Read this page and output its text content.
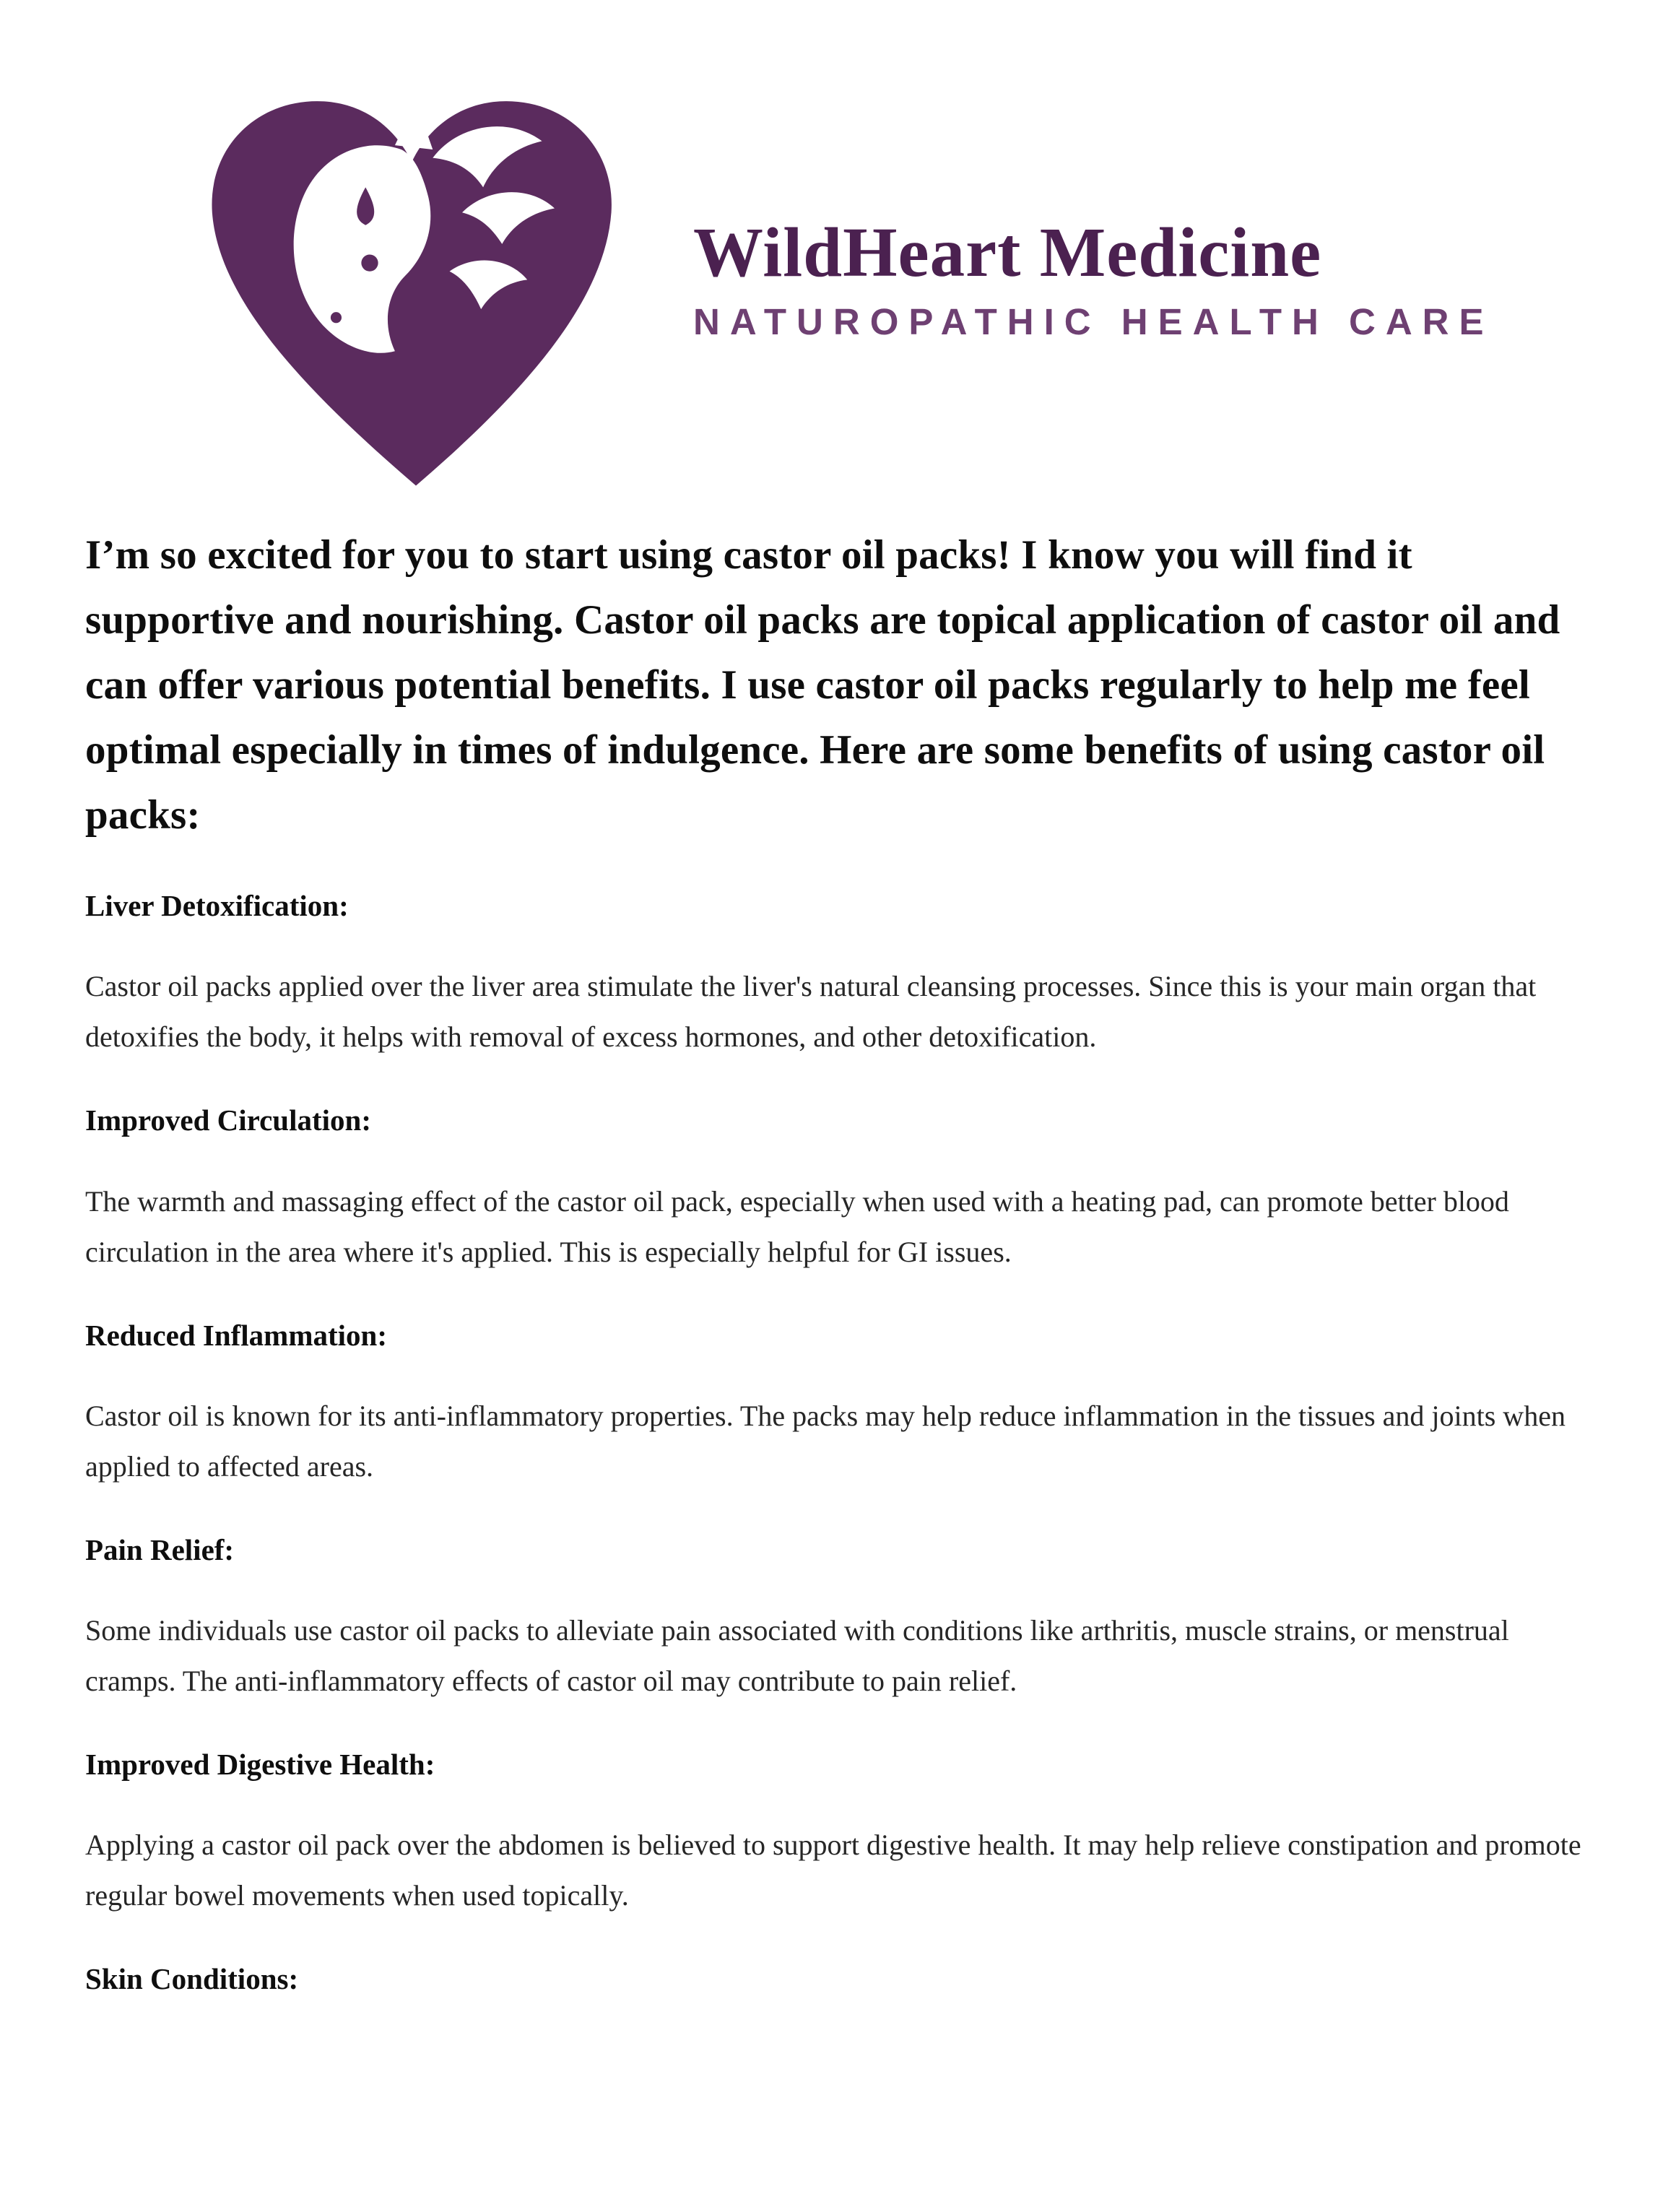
WildHeart Medicine
NATUROPATHIC HEALTH CARE

I’m so excited for you to start using castor oil packs! I know you will find it supportive and nourishing. Castor oil packs are topical application of castor oil and can offer various potential benefits. I use castor oil packs regularly to help me feel optimal especially in times of indulgence. Here are some benefits of using castor oil packs:

Liver Detoxification:

Castor oil packs applied over the liver area stimulate the liver's natural cleansing processes. Since this is your main organ that detoxifies the body, it helps with removal of excess hormones, and other detoxification.

Improved Circulation:

The warmth and massaging effect of the castor oil pack, especially when used with a heating pad, can promote better blood circulation in the area where it's applied. This is especially helpful for GI issues.

Reduced Inflammation:

Castor oil is known for its anti-inflammatory properties. The packs may help reduce inflammation in the tissues and joints when applied to affected areas.

Pain Relief:

Some individuals use castor oil packs to alleviate pain associated with conditions like arthritis, muscle strains, or menstrual cramps. The anti-inflammatory effects of castor oil may contribute to pain relief.

Improved Digestive Health:

Applying a castor oil pack over the abdomen is believed to support digestive health. It may help relieve constipation and promote regular bowel movements when used topically.

Skin Conditions:
